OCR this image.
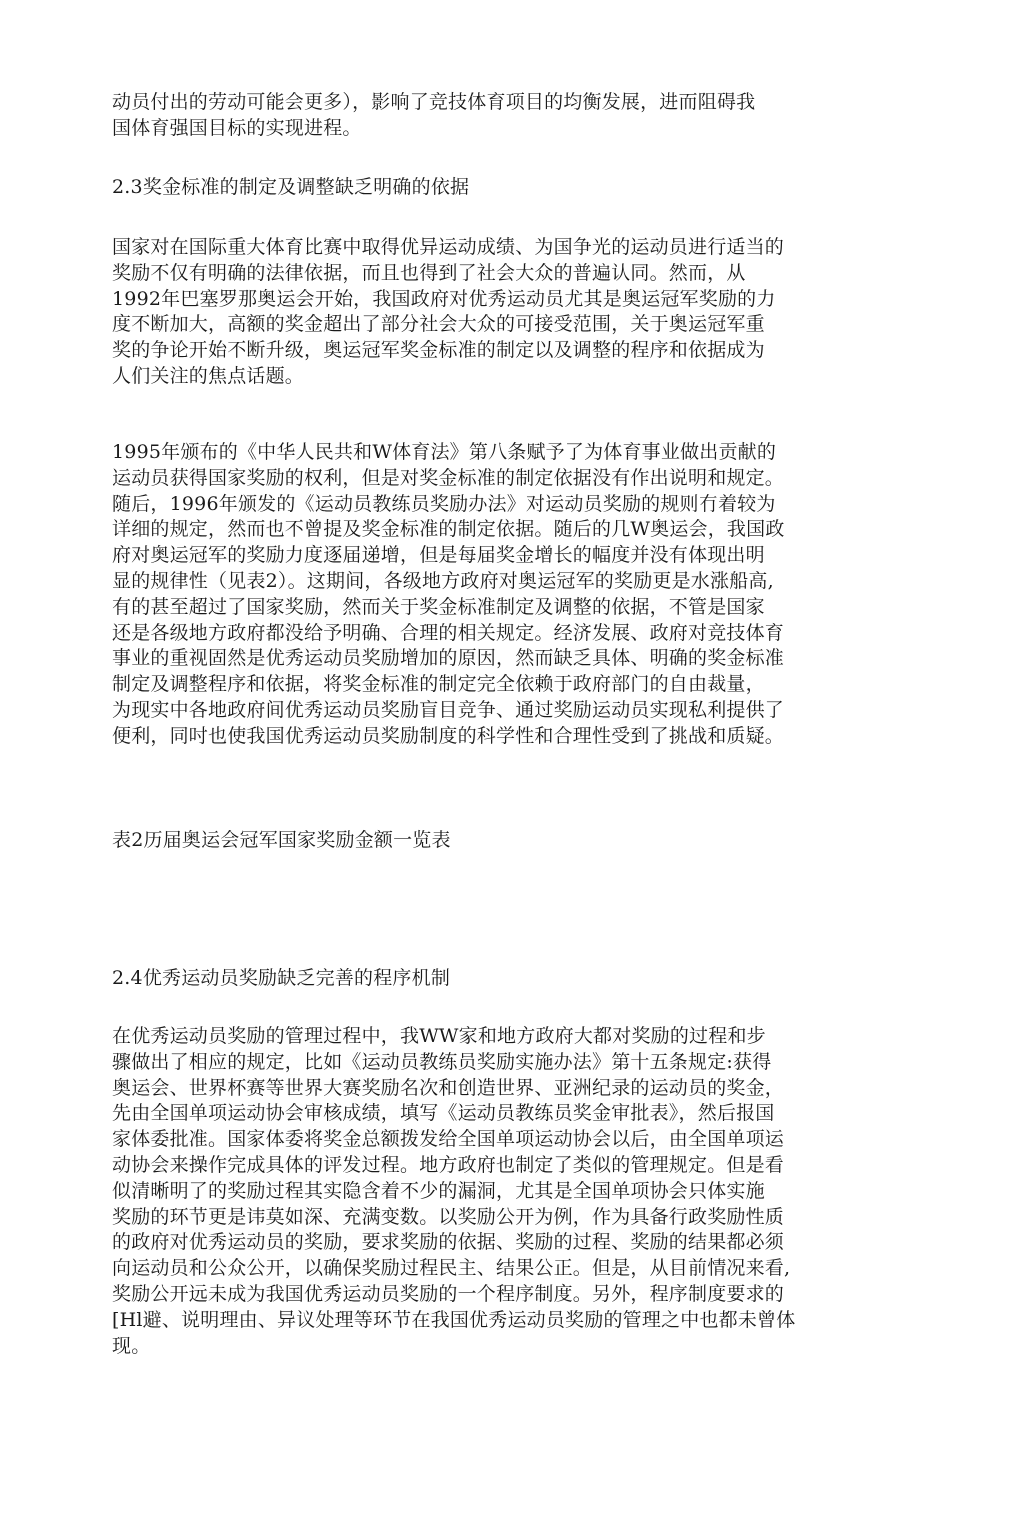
动员付出的劳动可能会更多），影响了竞技体育项目的均衡发展，进而阻碍我
国体育强国目标的实现进程。
2.3奖金标准的制定及调整缺乏明确的依据
国家对在国际重大体育比赛中取得优异运动成绩、为国争光的运动员进行适当的
奖励不仅有明确的法律依据，而且也得到了社会大众的普遍认同。然而，从
1992年巴塞罗那奥运会开始，我国政府对优秀运动员尤其是奥运冠军奖励的力
度不断加大，高额的奖金超出了部分社会大众的可接受范围，关于奥运冠军重
奖的争论开始不断升级，奥运冠军奖金标准的制定以及调整的程序和依据成为
人们关注的焦点话题。
1995年颁布的《中华人民共和W体育法》第八条赋予了为体育事业做出贡献的
运动员获得国家奖励的权利，但是对奖金标准的制定依据没有作出说明和规定。
随后，1996年颁发的《运动员教练员奖励办法》对运动员奖励的规则冇着较为
详细的规定，然而也不曾提及奖金标准的制定依据。随后的几W奥运会，我国政
府对奥运冠军的奖励力度逐届递增，但是每届奖金增长的幅度并没有体现出明
显的规律性（见表2）。这期间，各级地方政府对奥运冠军的奖励更是水涨船高,
有的甚至超过了国家奖励，然而关于奖金标准制定及调整的依据，不管是国家
还是各级地方政府都没给予明确、合理的相关规定。经济发展、政府对竞技体育
事业的重视固然是优秀运动员奖励增加的原因，然而缺乏具体、明确的奖金标准
制定及调整程序和依据，将奖金标准的制定完全依赖于政府部门的自由裁量，
为现实中各地政府间优秀运动员奖励盲目竞争、通过奖励运动员实现私利提供了
便利，同吋也使我国优秀运动员奖励制度的科学性和合理性受到了挑战和质疑。
表2历届奥运会冠军国家奖励金额一览表
2.4优秀运动员奖励缺乏完善的程序机制
在优秀运动员奖励的管理过程中，我WW家和地方政府大都对奖励的过程和步
骤做出了相应的规定，比如《运动员教练员奖励实施办法》第十五条规定:获得
奥运会、世界杯赛等世界大赛奖励名次和创造世界、亚洲纪录的运动员的奖金，
先由全国单项运动协会审核成绩，填写《运动员教练员奖金审批表》，然后报国
家体委批准。国家体委将奖金总额拨发给全国单项运动协会以后，由全国单项运
动协会来操作完成具体的评发过程。地方政府也制定了类似的管理规定。但是看
似清晰明了的奖励过程其实隐含着不少的漏洞，尤其是全国单项协会只体实施
奖励的环节更是讳莫如深、充满变数。以奖励公开为例，作为具备行政奖励性质
的政府对优秀运动员的奖励，要求奖励的依据、奖励的过程、奖励的结果都必须
向运动员和公众公开，以确保奖励过程民主、结果公正。但是，从目前情况来看,
奖励公开远未成为我国优秀运动员奖励的一个程序制度。另外，程序制度要求的
[Hl避、说明理由、异议处理等环节在我国优秀运动员奖励的管理之中也都未曾体
现。
